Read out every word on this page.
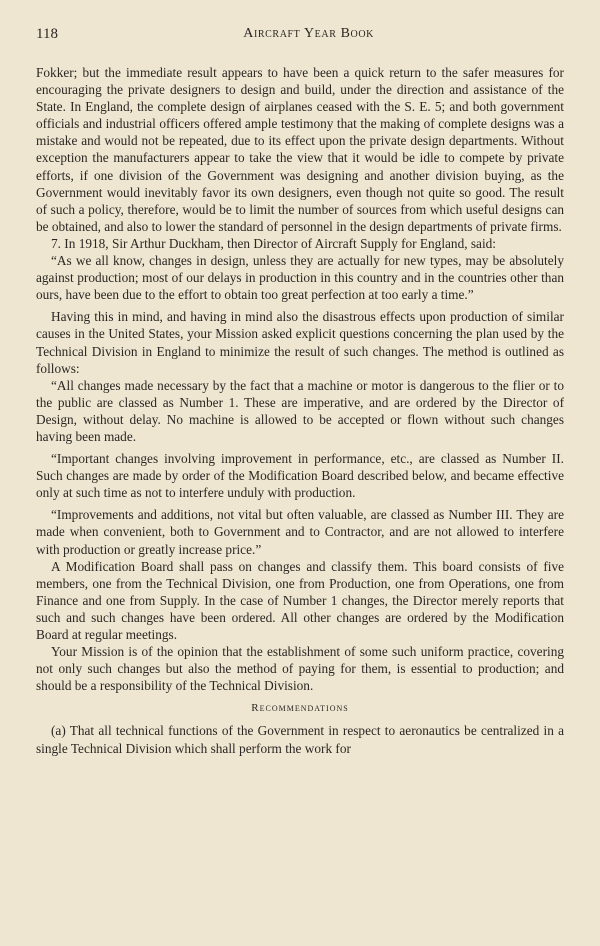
118	Aircraft Year Book

Fokker; but the immediate result appears to have been a quick return to the safer measures for encouraging the private designers to design and build, under the direction and assistance of the State. In England, the complete design of airplanes ceased with the S. E. 5; and both government officials and industrial officers offered ample testimony that the making of complete designs was a mistake and would not be repeated, due to its effect upon the private design departments. Without exception the manufacturers appear to take the view that it would be idle to compete by private efforts, if one division of the Government was designing and another division buying, as the Government would inevitably favor its own designers, even though not quite so good. The result of such a policy, therefore, would be to limit the number of sources from which useful designs can be obtained, and also to lower the standard of personnel in the design departments of private firms.

7. In 1918, Sir Arthur Duckham, then Director of Aircraft Supply for England, said:

“As we all know, changes in design, unless they are actually for new types, may be absolutely against production; most of our delays in production in this country and in the countries other than ours, have been due to the effort to obtain too great perfection at too early a time.”

Having this in mind, and having in mind also the disastrous effects upon production of similar causes in the United States, your Mission asked explicit questions concerning the plan used by the Technical Division in England to minimize the result of such changes. The method is outlined as follows:

“All changes made necessary by the fact that a machine or motor is dangerous to the flier or to the public are classed as Number 1. These are imperative, and are ordered by the Director of Design, without delay. No machine is allowed to be accepted or flown without such changes having been made.

“Important changes involving improvement in performance, etc., are classed as Number II. Such changes are made by order of the Modification Board described below, and became effective only at such time as not to interfere unduly with production.

“Improvements and additions, not vital but often valuable, are classed as Number III. They are made when convenient, both to Government and to Contractor, and are not allowed to interfere with production or greatly increase price.”

A Modification Board shall pass on changes and classify them. This board consists of five members, one from the Technical Division, one from Production, one from Operations, one from Finance and one from Supply. In the case of Number 1 changes, the Director merely reports that such and such changes have been ordered. All other changes are ordered by the Modification Board at regular meetings.

Your Mission is of the opinion that the establishment of some such uniform practice, covering not only such changes but also the method of paying for them, is essential to production; and should be a responsibility of the Technical Division.

Recommendations

(a) That all technical functions of the Government in respect to aeronautics be centralized in a single Technical Division which shall perform the work for
